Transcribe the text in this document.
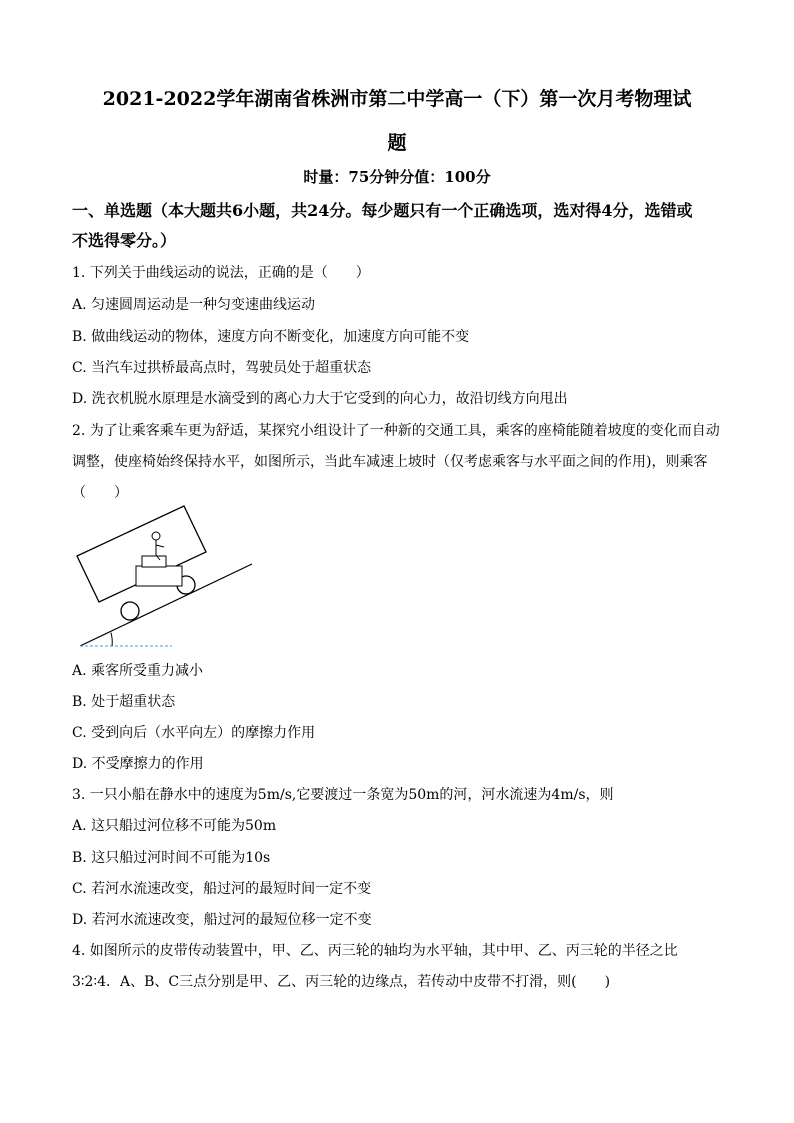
2021-2022学年湖南省株洲市第二中学高一（下）第一次月考物理试
题
时量：75分钟分值：100分
一、单选题（本大题共6小题，共24分。每少题只有一个正确选项，选对得4分，选错或
不选得零分。）
1. 下列关于曲线运动的说法，正确的是（　　）
A. 匀速圆周运动是一种匀变速曲线运动
B. 做曲线运动的物体，速度方向不断变化，加速度方向可能不变
C. 当汽车过拱桥最高点时，驾驶员处于超重状态
D. 洗衣机脱水原理是水滴受到的离心力大于它受到的向心力，故沿切线方向甩出
2. 为了让乘客乘车更为舒适，某探究小组设计了一种新的交通工具，乘客的座椅能随着坡度的变化而自动
调整，使座椅始终保持水平，如图所示，当此车减速上坡时（仅考虑乘客与水平面之间的作用)，则乘客
（　　）
A. 乘客所受重力减小
B. 处于超重状态
C. 受到向后（水平向左）的摩擦力作用
D. 不受摩擦力的作用
3. 一只小船在静水中的速度为5m/s,它要渡过一条宽为50m的河，河水流速为4m/s，则
A. 这只船过河位移不可能为50m
B. 这只船过河时间不可能为10s
C. 若河水流速改变，船过河的最短时间一定不变
D. 若河水流速改变，船过河的最短位移一定不变
4. 如图所示的皮带传动装置中，甲、乙、丙三轮的轴均为水平轴，其中甲、乙、丙三轮的半径之比
3∶2∶4．A、B、C三点分别是甲、乙、丙三轮的边缘点，若传动中皮带不打滑，则(　　)
